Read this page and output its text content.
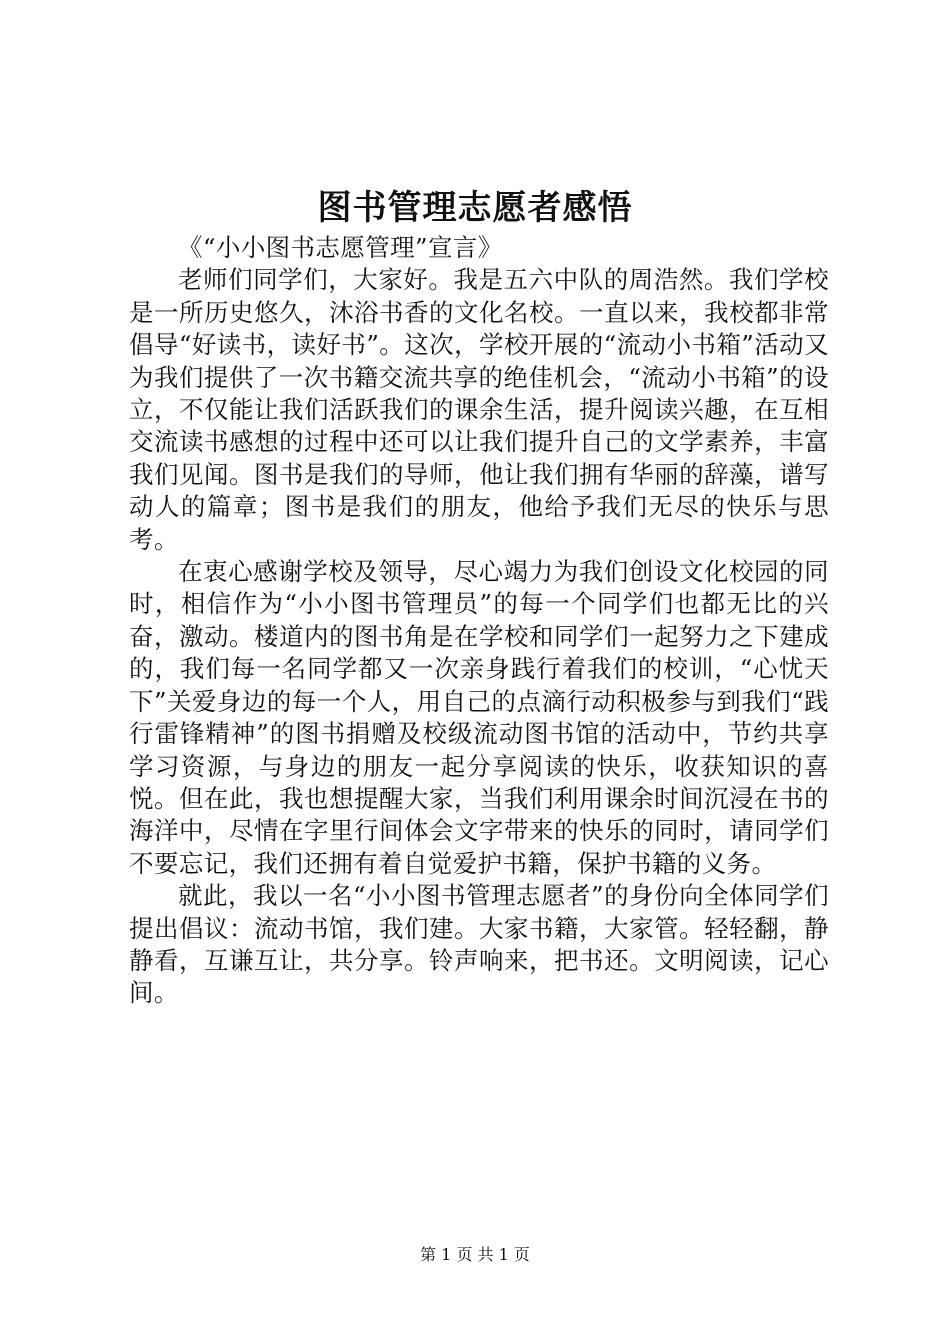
图书管理志愿者感悟

《“小小图书志愿管理”宣言》

老师们同学们，大家好。我是五六中队的周浩然。我们学校是一所历史悠久，沐浴书香的文化名校。一直以来，我校都非常倡导“好读书，读好书”。这次，学校开展的“流动小书箱”活动又为我们提供了一次书籍交流共享的绝佳机会，“流动小书箱”的设立，不仅能让我们活跃我们的课余生活，提升阅读兴趣，在互相交流读书感想的过程中还可以让我们提升自己的文学素养，丰富我们见闻。图书是我们的导师，他让我们拥有华丽的辞藻，谱写动人的篇章；图书是我们的朋友，他给予我们无尽的快乐与思考。

在衷心感谢学校及领导，尽心竭力为我们创设文化校园的同时，相信作为“小小图书管理员”的每一个同学们也都无比的兴奋，激动。楼道内的图书角是在学校和同学们一起努力之下建成的，我们每一名同学都又一次亲身践行着我们的校训，“心忧天下”关爱身边的每一个人，用自己的点滴行动积极参与到我们“践行雷锋精神”的图书捐赠及校级流动图书馆的活动中，节约共享学习资源，与身边的朋友一起分享阅读的快乐，收获知识的喜悦。但在此，我也想提醒大家，当我们利用课余时间沉浸在书的海洋中，尽情在字里行间体会文字带来的快乐的同时，请同学们不要忘记，我们还拥有着自觉爱护书籍，保护书籍的义务。

就此，我以一名“小小图书管理志愿者”的身份向全体同学们提出倡议：流动书馆，我们建。大家书籍，大家管。轻轻翻，静静看，互谦互让，共分享。铃声响来，把书还。文明阅读，记心间。

第 1 页 共 1 页
